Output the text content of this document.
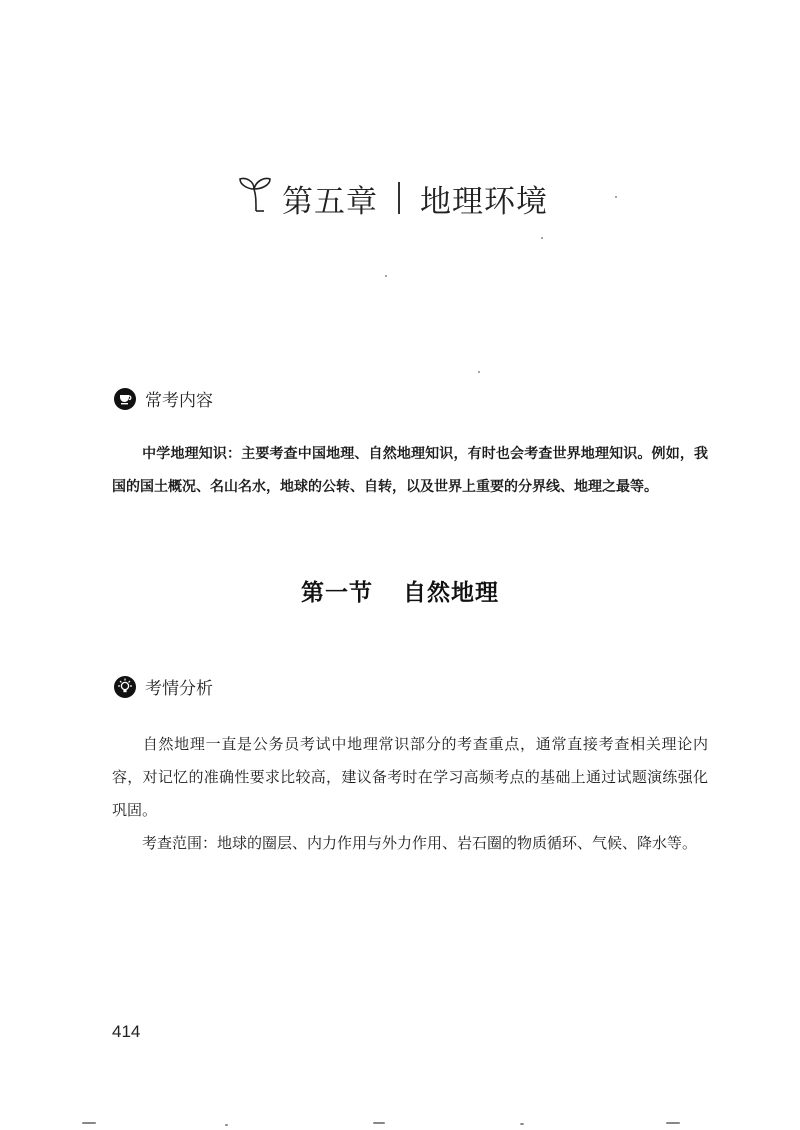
第五章 地理环境
常考内容
中学地理知识：主要考查中国地理、自然地理知识，有时也会考查世界地理知识。例如，我国的国土概况、名山名水，地球的公转、自转，以及世界上重要的分界线、地理之最等。
第一节 自然地理
考情分析
自然地理一直是公务员考试中地理常识部分的考查重点，通常直接考查相关理论内容，对记忆的准确性要求比较高，建议备考时在学习高频考点的基础上通过试题演练强化巩固。
考查范围：地球的圈层、内力作用与外力作用、岩石圈的物质循环、气候、降水等。
414
